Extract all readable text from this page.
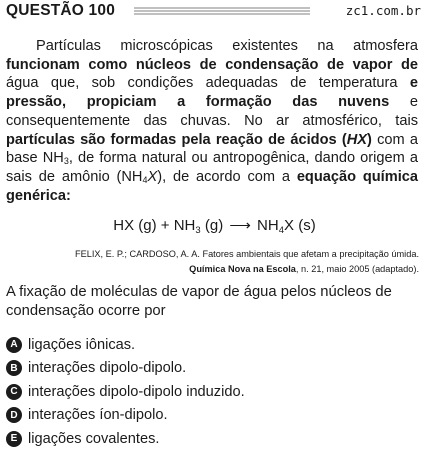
QUESTÃO 100	zc1.com.br
Partículas microscópicas existentes na atmosfera funcionam como núcleos de condensação de vapor de água que, sob condições adequadas de temperatura e pressão, propiciam a formação das nuvens e consequentemente das chuvas. No ar atmosférico, tais partículas são formadas pela reação de ácidos (HX) com a base $NH_3$, de forma natural ou antropogênica, dando origem a sais de amônio $(NH_4X)$, de acordo com a equação química genérica:
HX $(g) + NH_3$ (g) ⟶ $NH_4X$ (s)
FELIX, E. P.; CARDOSO, A. A. Fatores ambientais que afetam a precipitação úmida.
Química Nova na Escola, n. 21, maio 2005 (adaptado).
A fixação de moléculas de vapor de água pelos núcleos de condensação ocorre por
A ligações iônicas.
B interações dipolo-dipolo.
C interações dipolo-dipolo induzido.
D interações íon-dipolo.
E ligações covalentes.
